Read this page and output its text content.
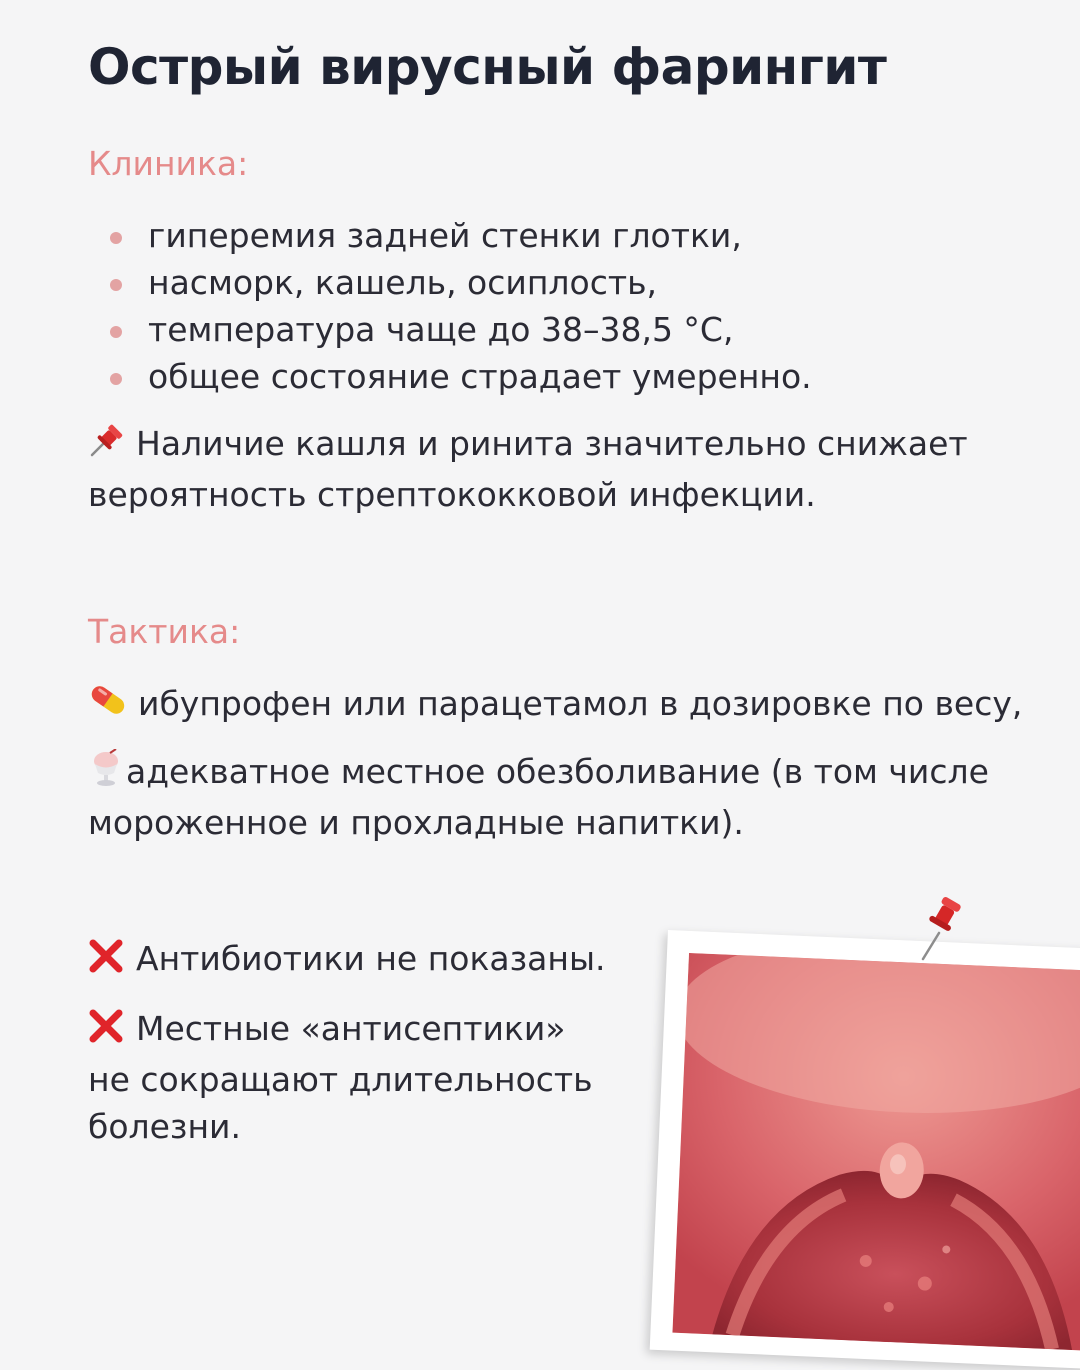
Острый вирусный фарингит
Клиника:
гиперемия задней стенки глотки,
насморк, кашель, осиплость,
температура чаще до 38–38,5 °C,
общее состояние страдает умеренно.
Наличие кашля и ринита значительно снижает
вероятность стрептококковой инфекции.
Тактика:
ибупрофен или парацетамол в дозировке по весу,
адекватное местное обезболивание (в том числе
мороженное и прохладные напитки).
Антибиотики не показаны.
Местные «антисептики»
не сокращают длительность
болезни.
